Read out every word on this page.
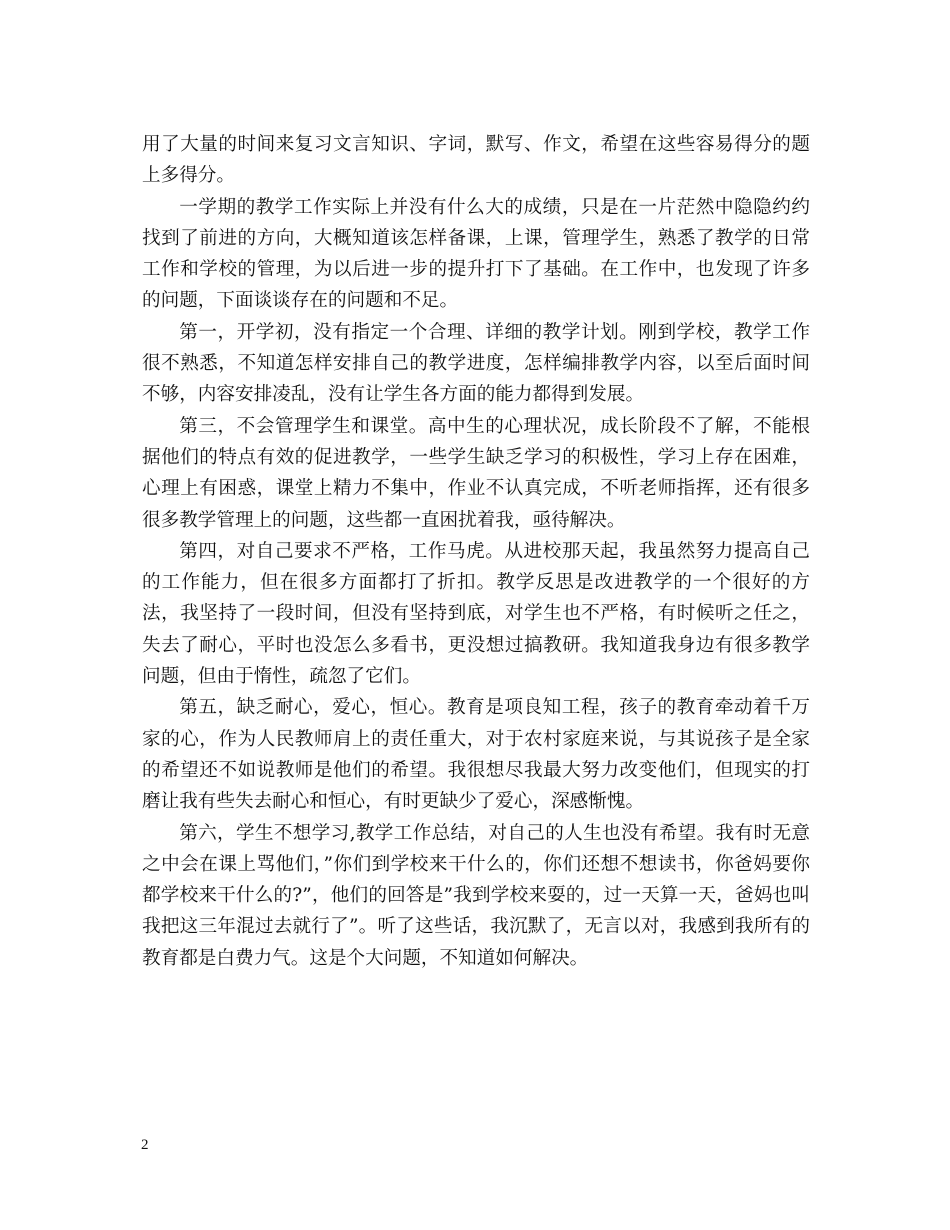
用了大量的时间来复习文言知识、字词，默写、作文，希望在这些容易得分的题上多得分。

一学期的教学工作实际上并没有什么大的成绩，只是在一片茫然中隐隐约约找到了前进的方向，大概知道该怎样备课，上课，管理学生，熟悉了教学的日常工作和学校的管理，为以后进一步的提升打下了基础。在工作中，也发现了许多的问题，下面谈谈存在的问题和不足。

第一，开学初，没有指定一个合理、详细的教学计划。刚到学校，教学工作很不熟悉，不知道怎样安排自己的教学进度，怎样编排教学内容，以至后面时间不够，内容安排凌乱，没有让学生各方面的能力都得到发展。

第三，不会管理学生和课堂。高中生的心理状况，成长阶段不了解，不能根据他们的特点有效的促进教学，一些学生缺乏学习的积极性，学习上存在困难，心理上有困惑，课堂上精力不集中，作业不认真完成，不听老师指挥，还有很多很多教学管理上的问题，这些都一直困扰着我，亟待解决。

第四，对自己要求不严格，工作马虎。从进校那天起，我虽然努力提高自己的工作能力，但在很多方面都打了折扣。教学反思是改进教学的一个很好的方法，我坚持了一段时间，但没有坚持到底，对学生也不严格，有时候听之任之，失去了耐心，平时也没怎么多看书，更没想过搞教研。我知道我身边有很多教学问题，但由于惰性，疏忽了它们。

第五，缺乏耐心，爱心，恒心。教育是项良知工程，孩子的教育牵动着千万家的心，作为人民教师肩上的责任重大，对于农村家庭来说，与其说孩子是全家的希望还不如说教师是他们的希望。我很想尽我最大努力改变他们，但现实的打磨让我有些失去耐心和恒心，有时更缺少了爱心，深感惭愧。

第六，学生不想学习,教学工作总结，对自己的人生也没有希望。我有时无意之中会在课上骂他们，”你们到学校来干什么的，你们还想不想读书，你爸妈要你都学校来干什么的?”，他们的回答是”我到学校来耍的，过一天算一天，爸妈也叫我把这三年混过去就行了”。听了这些话，我沉默了，无言以对，我感到我所有的教育都是白费力气。这是个大问题，不知道如何解决。

2
